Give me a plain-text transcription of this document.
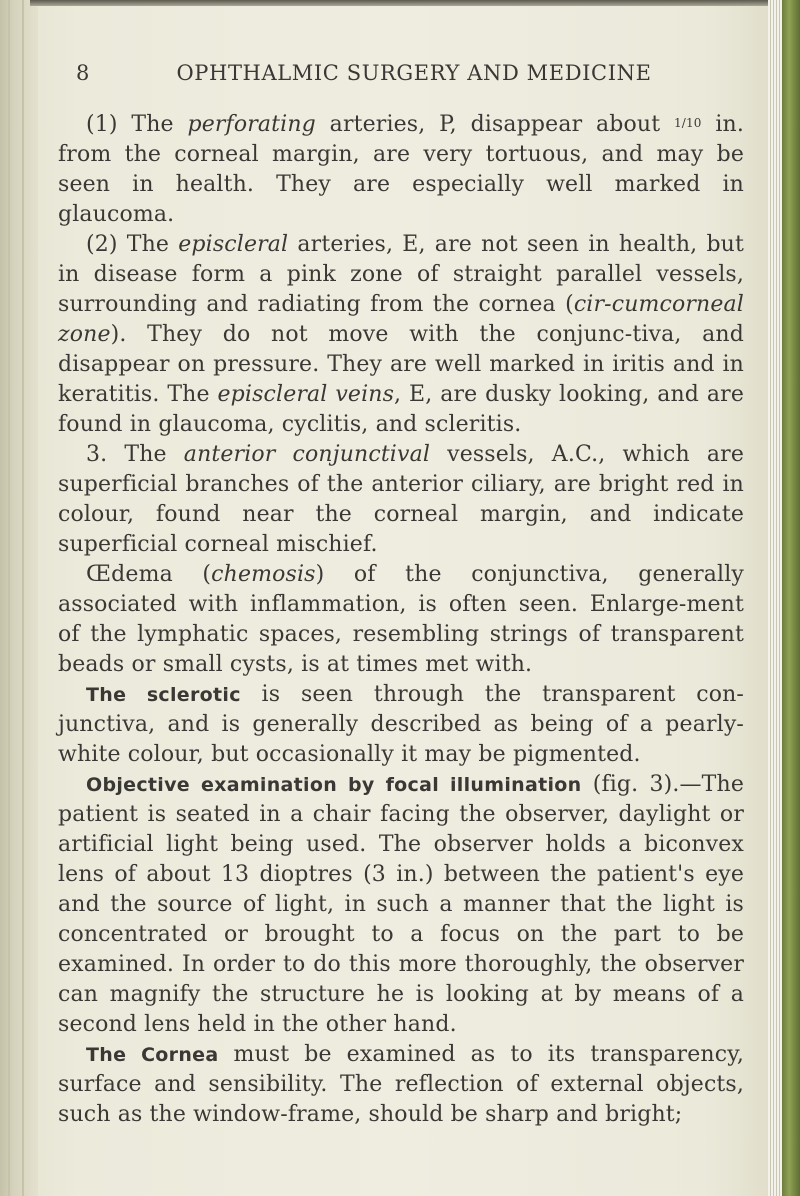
8	OPHTHALMIC SURGERY AND MEDICINE

(1) The perforating arteries, P, disappear about 1/10 in. from the corneal margin, are very tortuous, and may be seen in health. They are especially well marked in glaucoma.

(2) The episcleral arteries, E, are not seen in health, but in disease form a pink zone of straight parallel vessels, surrounding and radiating from the cornea (cir-cumcorneal zone). They do not move with the conjunc-tiva, and disappear on pressure. They are well marked in iritis and in keratitis. The episcleral veins, E, are dusky looking, and are found in glaucoma, cyclitis, and scleritis.

3. The anterior conjunctival vessels, A.C., which are superficial branches of the anterior ciliary, are bright red in colour, found near the corneal margin, and indicate superficial corneal mischief.

Œdema (chemosis) of the conjunctiva, generally associated with inflammation, is often seen. Enlarge-ment of the lymphatic spaces, resembling strings of transparent beads or small cysts, is at times met with.

The sclerotic is seen through the transparent con-junctiva, and is generally described as being of a pearly-white colour, but occasionally it may be pigmented.

Objective examination by focal illumination (fig. 3).—The patient is seated in a chair facing the observer, daylight or artificial light being used. The observer holds a biconvex lens of about 13 dioptres (3 in.) between the patient's eye and the source of light, in such a manner that the light is concentrated or brought to a focus on the part to be examined. In order to do this more thoroughly, the observer can magnify the structure he is looking at by means of a second lens held in the other hand.

The Cornea must be examined as to its transparency, surface and sensibility. The reflection of external objects, such as the window-frame, should be sharp and bright;
